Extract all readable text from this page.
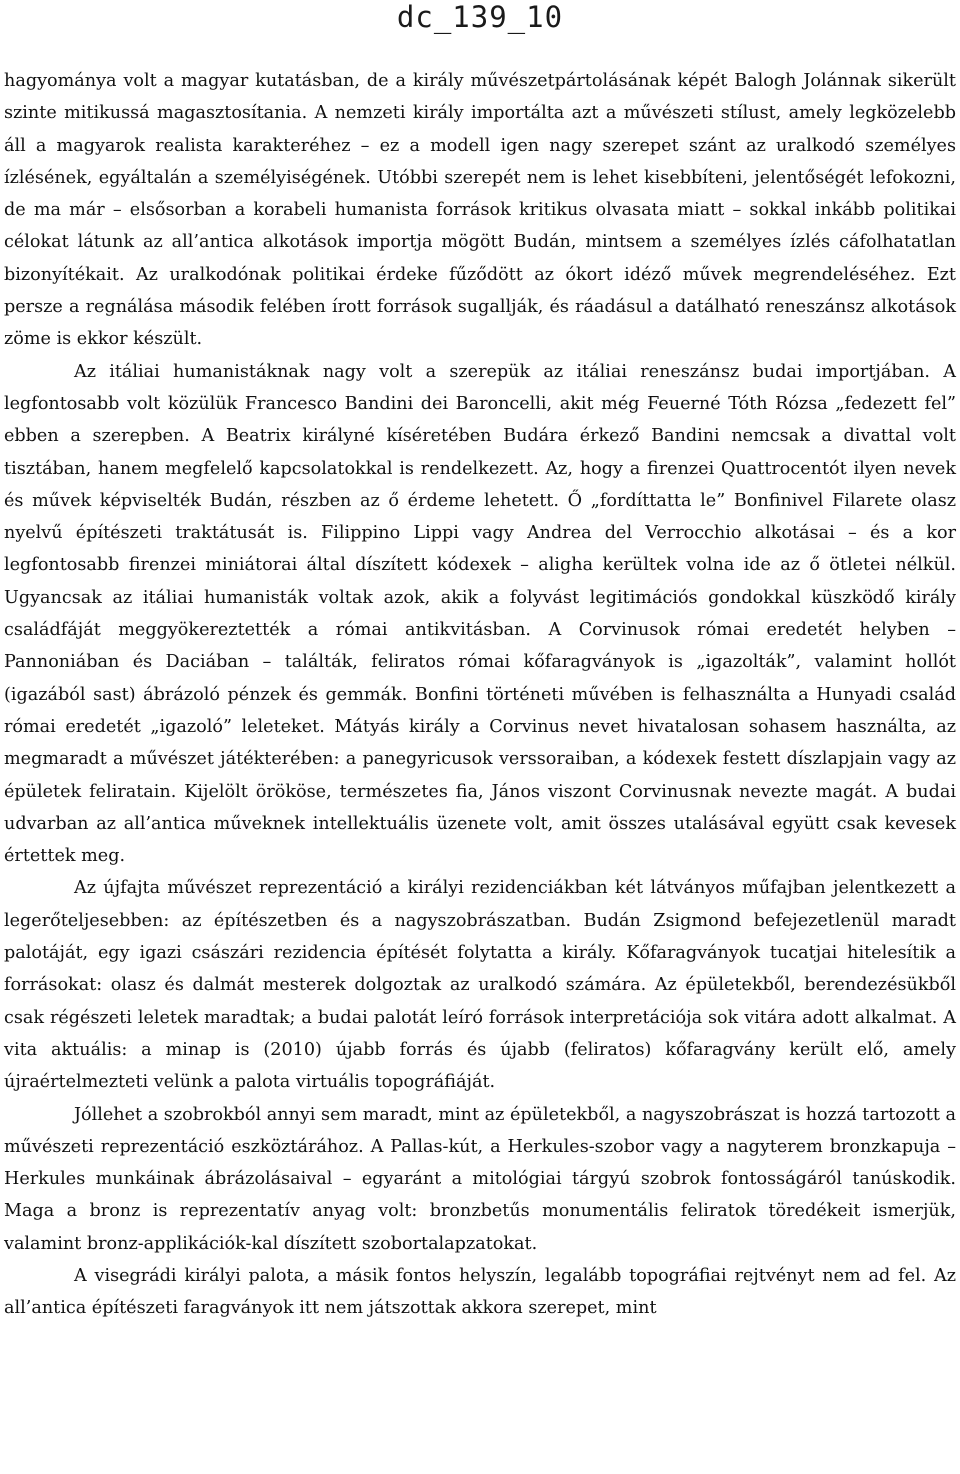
dc_139_10

hagyománya volt a magyar kutatásban, de a király művészetpártolásának képét Balogh Jolánnak sikerült szinte mitikussá magasztosítania. A nemzeti király importálta azt a művészeti stílust, amely legközelebb áll a magyarok realista karakteréhez – ez a modell igen nagy szerepet szánt az uralkodó személyes ízlésének, egyáltalán a személyiségének. Utóbbi szerepét nem is lehet kisebbíteni, jelentőségét lefokozni, de ma már – elsősorban a korabeli humanista források kritikus olvasata miatt – sokkal inkább politikai célokat látunk az all’antica alkotások importja mögött Budán, mintsem a személyes ízlés cáfolhatatlan bizonyítékait. Az uralkodónak politikai érdeke fűződött az ókort idéző művek megrendeléséhez. Ezt persze a regnálása második felében írott források sugallják, és ráadásul a datálható reneszánsz alkotások zöme is ekkor készült.

Az itáliai humanistáknak nagy volt a szerepük az itáliai reneszánsz budai importjában. A legfontosabb volt közülük Francesco Bandini dei Baroncelli, akit még Feuerné Tóth Rózsa „fedezett fel” ebben a szerepben. A Beatrix királyné kíséretében Budára érkező Bandini nemcsak a divattal volt tisztában, hanem megfelelő kapcsolatokkal is rendelkezett. Az, hogy a firenzei Quattrocentót ilyen nevek és művek képviselték Budán, részben az ő érdeme lehetett. Ő „fordíttatta le” Bonfinivel Filarete olasz nyelvű építészeti traktátusát is. Filippino Lippi vagy Andrea del Verrocchio alkotásai – és a kor legfontosabb firenzei miniátorai által díszített kódexek – aligha kerültek volna ide az ő ötletei nélkül. Ugyancsak az itáliai humanisták voltak azok, akik a folyvást legitimációs gondokkal küszködő király családfáját meggyökereztették a római antikvitásban. A Corvinusok római eredetét helyben – Pannoniában és Daciában – találták, feliratos római kőfaragványok is „igazolták”, valamint hollót (igazából sast) ábrázoló pénzek és gemmák. Bonfini történeti művében is felhasználta a Hunyadi család római eredetét „igazoló” leleteket. Mátyás király a Corvinus nevet hivatalosan sohasem használta, az megmaradt a művészet játékterében: a panegyricusok verssoraiban, a kódexek festett díszlapjain vagy az épületek feliratain. Kijelölt örököse, természetes fia, János viszont Corvinusnak nevezte magát. A budai udvarban az all’antica műveknek intellektuális üzenete volt, amit összes utalásával együtt csak kevesek értettek meg.

Az újfajta művészet reprezentáció a királyi rezidenciákban két látványos műfajban jelentkezett a legerőteljesebben: az építészetben és a nagyszobrászatban. Budán Zsigmond befejezetlenül maradt palotáját, egy igazi császári rezidencia építését folytatta a király. Kőfaragványok tucatjai hitelesítik a forrásokat: olasz és dalmát mesterek dolgoztak az uralkodó számára. Az épületekből, berendezésükből csak régészeti leletek maradtak; a budai palotát leíró források interpretációja sok vitára adott alkalmat. A vita aktuális: a minap is (2010) újabb forrás és újabb (feliratos) kőfaragvány került elő, amely újraértelmezteti velünk a palota virtuális topográfiáját.

Jóllehet a szobrokból annyi sem maradt, mint az épületekből, a nagyszobrászat is hozzá tartozott a művészeti reprezentáció eszköztárához. A Pallas-kút, a Herkules-szobor vagy a nagyterem bronzkapuja – Herkules munkáinak ábrázolásaival – egyaránt a mitológiai tárgyú szobrok fontosságáról tanúskodik. Maga a bronz is reprezentatív anyag volt: bronzbetűs monumentális feliratok töredékeit ismerjük, valamint bronz-applikációk-kal díszített szobortalapzatokat.

A visegrádi királyi palota, a másik fontos helyszín, legalább topográfiai rejtvényt nem ad fel. Az all’antica építészeti faragványok itt nem játszottak akkora szerepet, mint
